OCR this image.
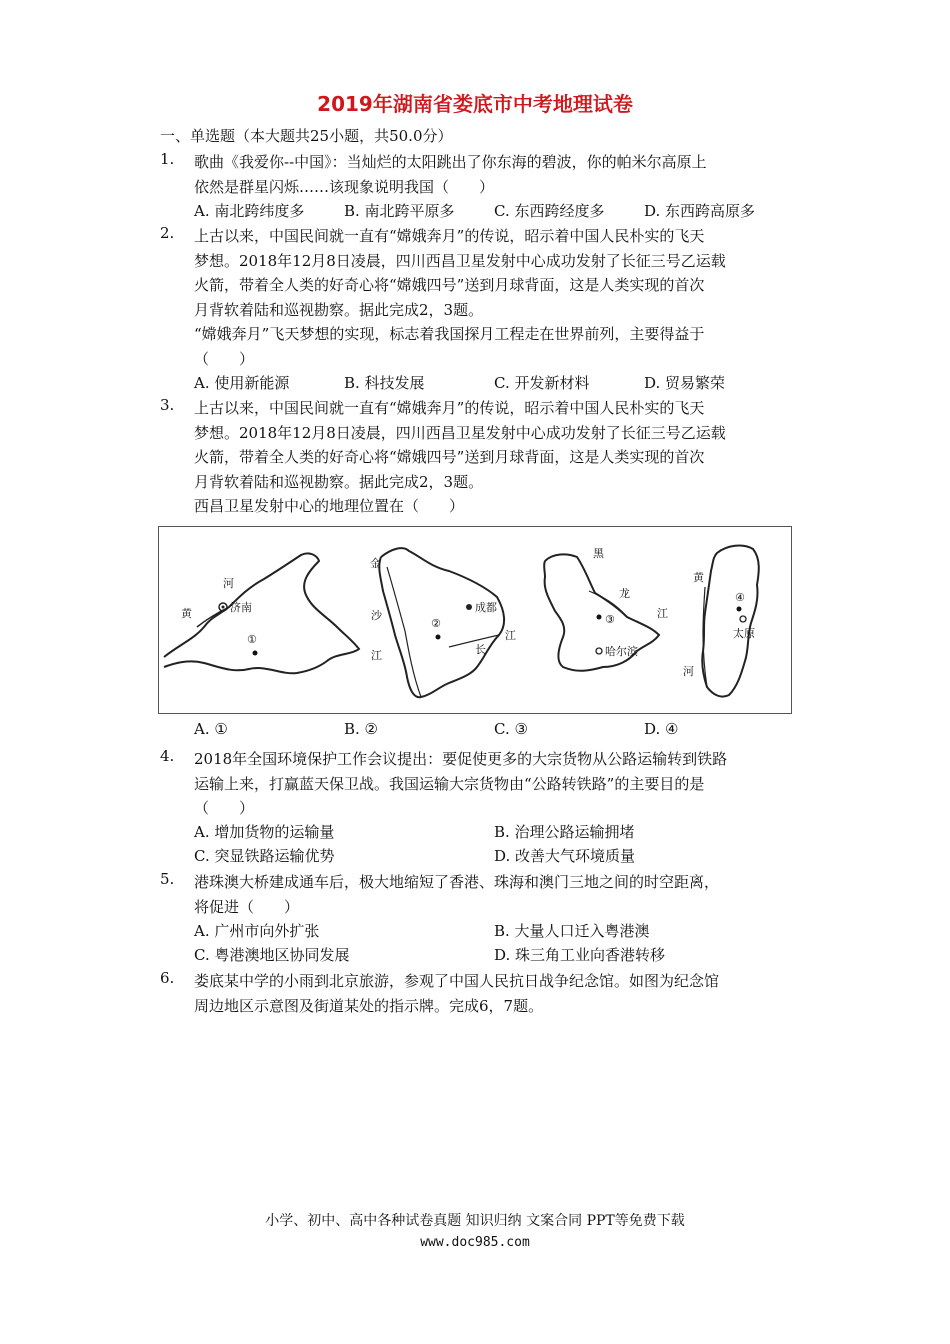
2019年湖南省娄底市中考地理试卷
一、单选题（本大题共25小题，共50.0分）
1.	歌曲《我爱你--中国》：当灿烂的太阳跳出了你东海的碧波，你的帕米尔高原上
依然是群星闪烁……该现象说明我国（　　）
A. 南北跨纬度多	B. 南北跨平原多	C. 东西跨经度多	D. 东西跨高原多
2.	上古以来，中国民间就一直有“嫦娥奔月”的传说，昭示着中国人民朴实的飞天
梦想。2018年12月8日凌晨，四川西昌卫星发射中心成功发射了长征三号乙运载
火箭，带着全人类的好奇心将“嫦娥四号”送到月球背面，这是人类实现的首次
月背软着陆和巡视勘察。据此完成2，3题。
“嫦娥奔月”飞天梦想的实现，标志着我国探月工程走在世界前列，主要得益于
（　　）
A. 使用新能源	B. 科技发展	C. 开发新材料	D. 贸易繁荣
3.	上古以来，中国民间就一直有“嫦娥奔月”的传说，昭示着中国人民朴实的飞天
梦想。2018年12月8日凌晨，四川西昌卫星发射中心成功发射了长征三号乙运载
火箭，带着全人类的好奇心将“嫦娥四号”送到月球背面，这是人类实现的首次
月背软着陆和巡视勘察。据此完成2，3题。
西昌卫星发射中心的地理位置在（　　）
河
黄	济南
①
金
沙
江
成都
②
江
长
黑
龙
江
③
哈尔滨
黄
④
太原
河
A. ①	B. ②	C. ③	D. ④
4.	2018年全国环境保护工作会议提出：要促使更多的大宗货物从公路运输转到铁路
运输上来，打赢蓝天保卫战。我国运输大宗货物由“公路转铁路”的主要目的是
（　　）
A. 增加货物的运输量	B. 治理公路运输拥堵
C. 突显铁路运输优势	D. 改善大气环境质量
5.	港珠澳大桥建成通车后，极大地缩短了香港、珠海和澳门三地之间的时空距离，
将促进（　　）
A. 广州市向外扩张	B. 大量人口迁入粤港澳
C. 粤港澳地区协同发展	D. 珠三角工业向香港转移
6.	娄底某中学的小雨到北京旅游，参观了中国人民抗日战争纪念馆。如图为纪念馆
周边地区示意图及街道某处的指示牌。完成6，7题。
小学、初中、高中各种试卷真题 知识归纳 文案合同 PPT等免费下载
www.doc985.com
